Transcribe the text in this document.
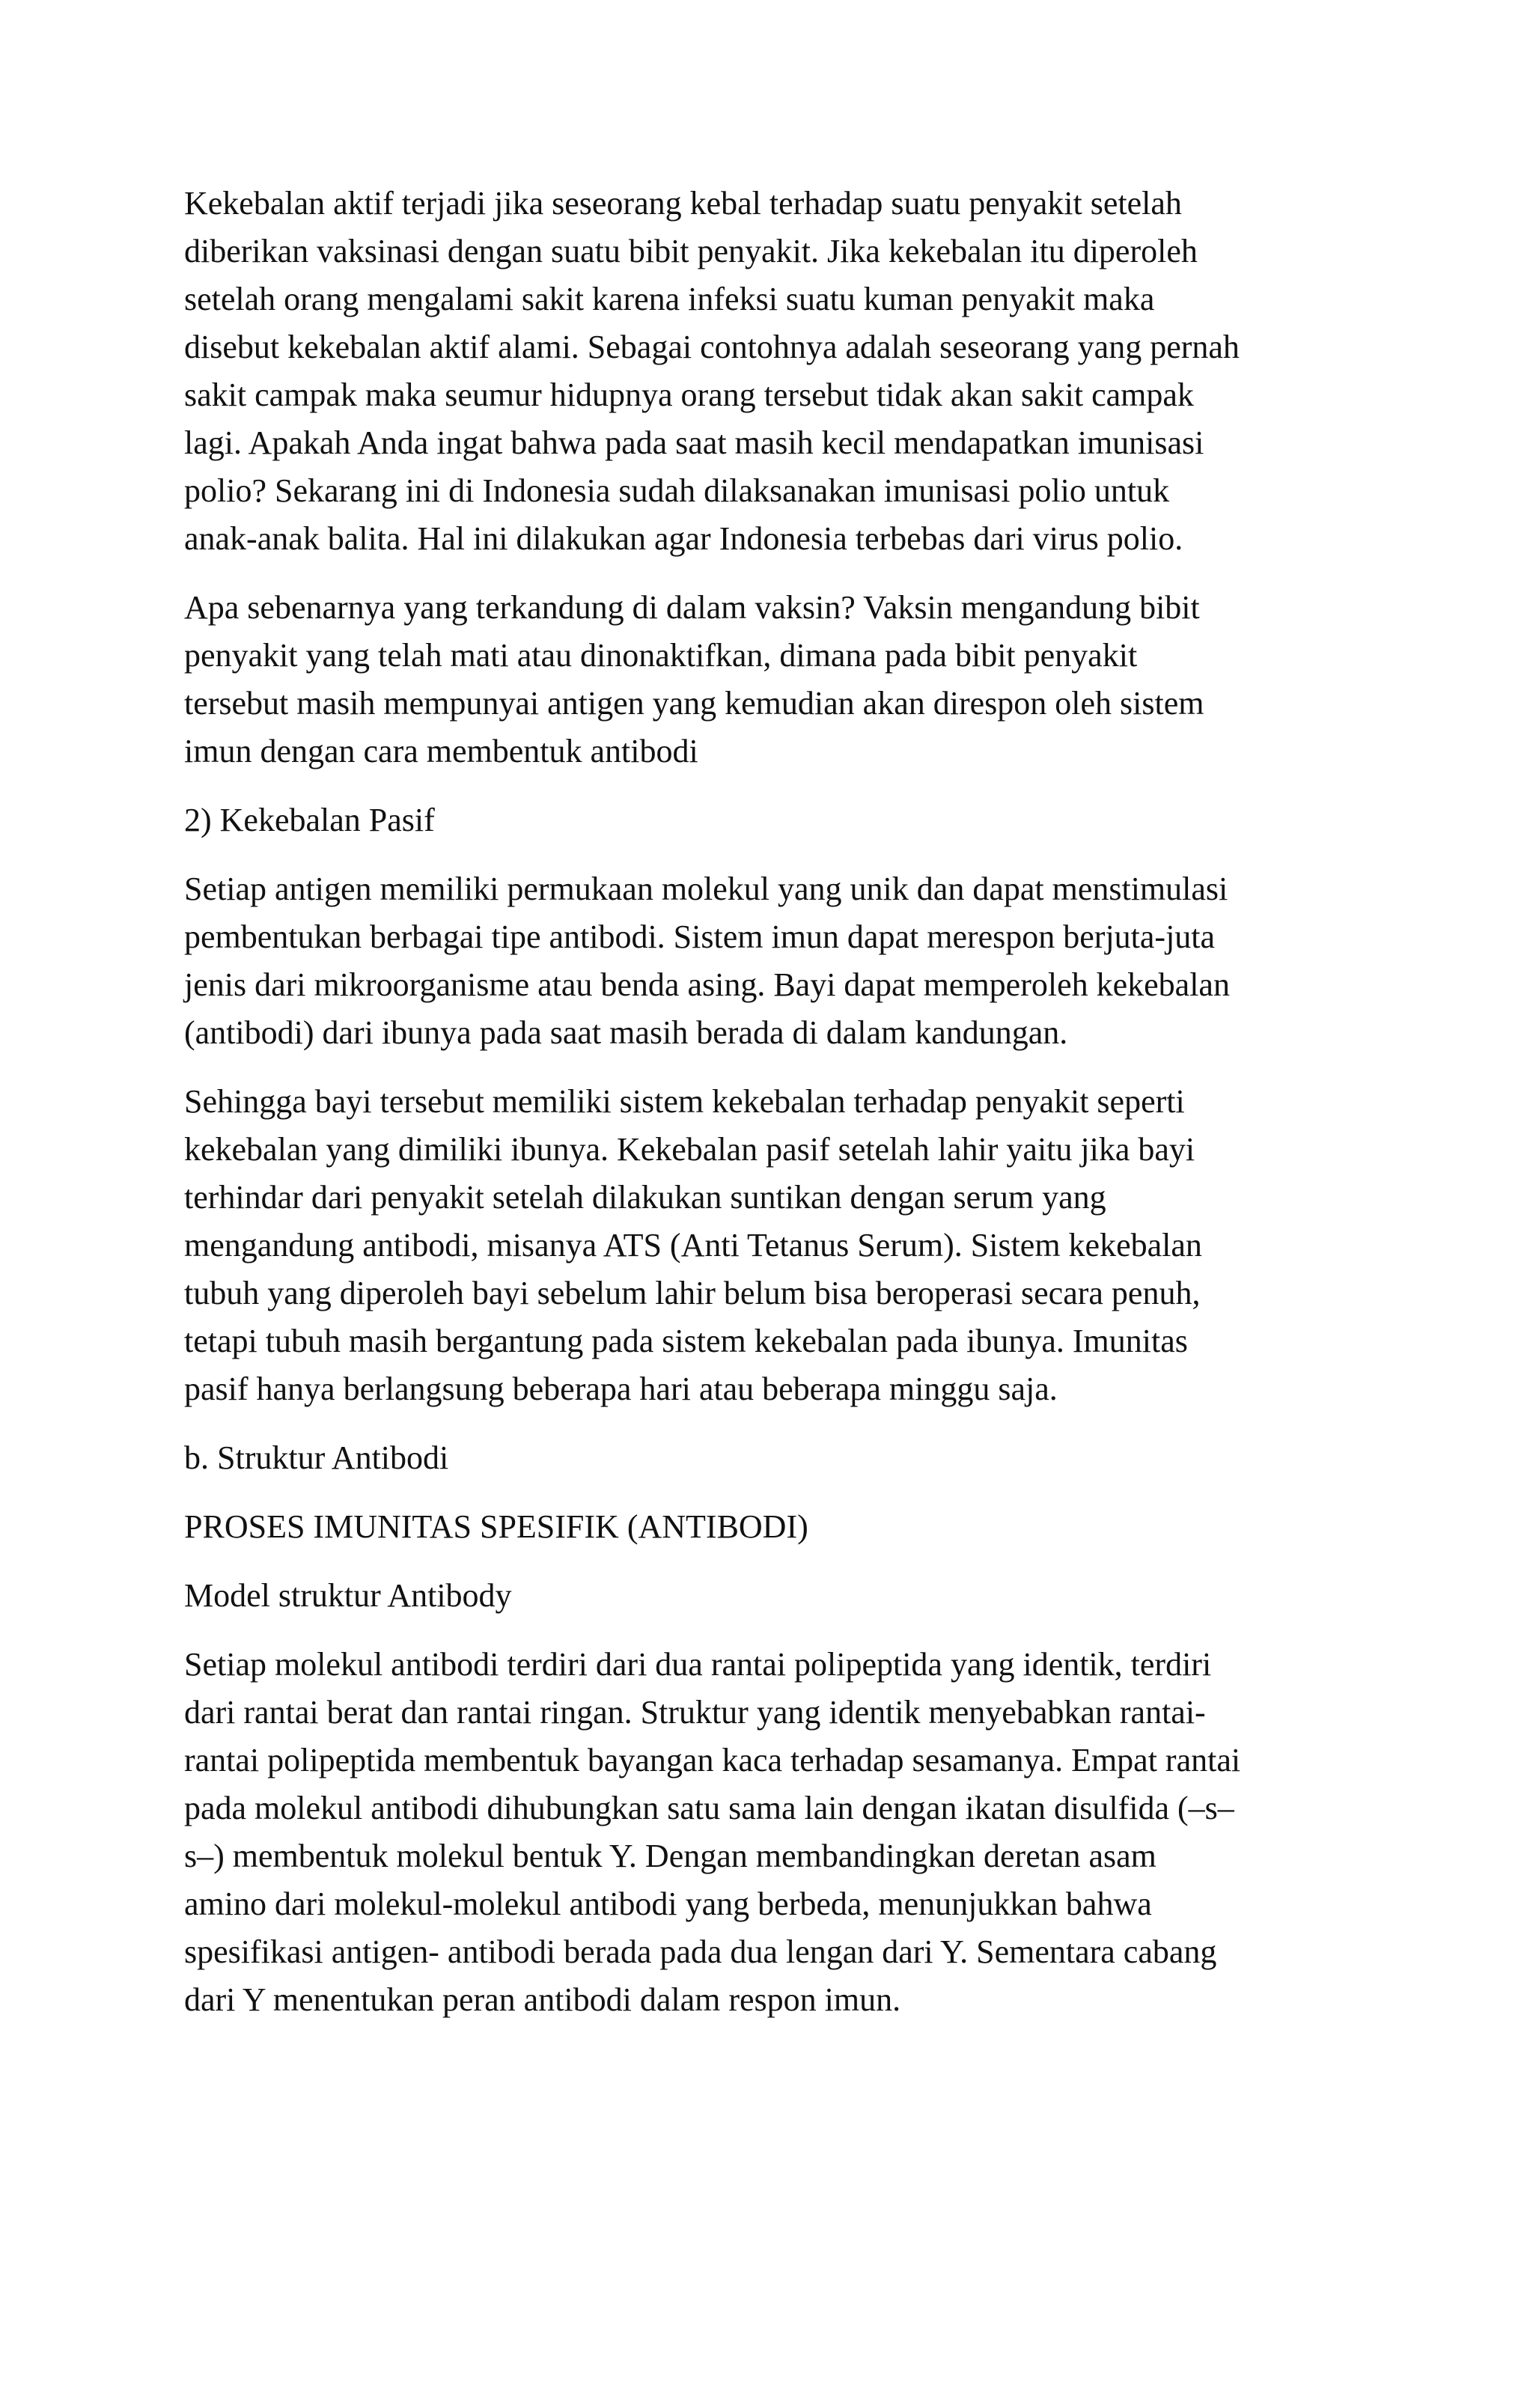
Kekebalan aktif terjadi jika seseorang kebal terhadap suatu penyakit setelah
diberikan vaksinasi dengan suatu bibit penyakit. Jika kekebalan itu diperoleh
setelah orang mengalami sakit karena infeksi suatu kuman penyakit maka
disebut kekebalan aktif alami. Sebagai contohnya adalah seseorang yang pernah
sakit campak maka seumur hidupnya orang tersebut tidak akan sakit campak
lagi. Apakah Anda ingat bahwa pada saat masih kecil mendapatkan imunisasi
polio? Sekarang ini di Indonesia sudah dilaksanakan imunisasi polio untuk
anak-anak balita. Hal ini dilakukan agar Indonesia terbebas dari virus polio.
Apa sebenarnya yang terkandung di dalam vaksin? Vaksin mengandung bibit
penyakit yang telah mati atau dinonaktifkan, dimana pada bibit penyakit
tersebut masih mempunyai antigen yang kemudian akan direspon oleh sistem
imun dengan cara membentuk antibodi
2) Kekebalan Pasif
Setiap antigen memiliki permukaan molekul yang unik dan dapat menstimulasi
pembentukan berbagai tipe antibodi. Sistem imun dapat merespon berjuta-juta
jenis dari mikroorganisme atau benda asing. Bayi dapat memperoleh kekebalan
(antibodi) dari ibunya pada saat masih berada di dalam kandungan.
Sehingga bayi tersebut memiliki sistem kekebalan terhadap penyakit seperti
kekebalan yang dimiliki ibunya. Kekebalan pasif setelah lahir yaitu jika bayi
terhindar dari penyakit setelah dilakukan suntikan dengan serum yang
mengandung antibodi, misanya ATS (Anti Tetanus Serum). Sistem kekebalan
tubuh yang diperoleh bayi sebelum lahir belum bisa beroperasi secara penuh,
tetapi tubuh masih bergantung pada sistem kekebalan pada ibunya. Imunitas
pasif hanya berlangsung beberapa hari atau beberapa minggu saja.
b. Struktur Antibodi
PROSES IMUNITAS SPESIFIK (ANTIBODI)
Model struktur Antibody
Setiap molekul antibodi terdiri dari dua rantai polipeptida yang identik, terdiri
dari rantai berat dan rantai ringan. Struktur yang identik menyebabkan rantai-
rantai polipeptida membentuk bayangan kaca terhadap sesamanya. Empat rantai
pada molekul antibodi dihubungkan satu sama lain dengan ikatan disulfida (–s–
s–) membentuk molekul bentuk Y. Dengan membandingkan deretan asam
amino dari molekul-molekul antibodi yang berbeda, menunjukkan bahwa
spesifikasi antigen- antibodi berada pada dua lengan dari Y. Sementara cabang
dari Y menentukan peran antibodi dalam respon imun.
